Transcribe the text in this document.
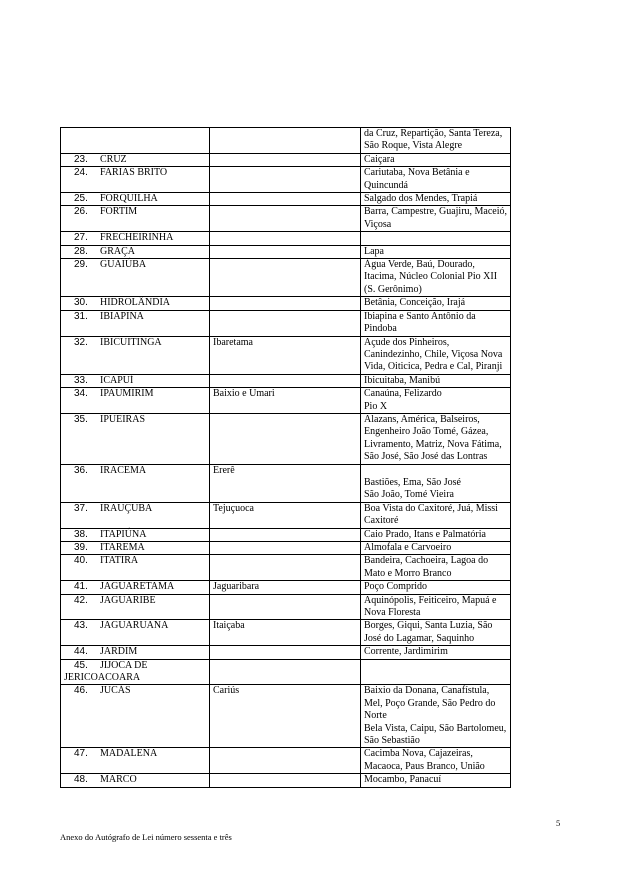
		da Cruz, Repartição, Santa Tereza, São Roque, Vista Alegre

23. CRUZ		Caiçara

24. FARIAS BRITO		Cariutaba, Nova Betânia e Quincundá

25. FORQUILHA		Salgado dos Mendes, Trapiá

26. FORTIM		Barra, Campestre, Guajiru, Maceió, Viçosa

27. FRECHEIRINHA		

28. GRAÇA		Lapa

29. GUAIÚBA		Água Verde, Baú, Dourado, Itacima, Núcleo Colonial Pio XII (S. Gerônimo)

30. HIDROLÂNDIA		Betânia, Conceição, Irajá

31. IBIAPINA		Ibiapina e Santo Antônio da Pindoba

32. IBICUITINGA	Ibaretama	Açude dos Pinheiros, Canindezinho, Chile, Viçosa Nova Vida, Oiticica, Pedra e Cal, Piranji

33. ICAPUÍ		Ibicuitaba, Manibú

34. IPAUMIRIM	Baixio e Umari	Canaúna, Felizardo
Pio X

35. IPUEIRAS		Alazans, América, Balseiros, Engenheiro João Tomé, Gázea, Livramento, Matriz, Nova Fátima, São José, São José das Lontras

36. IRACEMA	Ererê	Bastiões, Ema, São José
São João, Tomé Vieira

37. IRAUÇUBA	Tejuçuoca	Boa Vista do Caxitoré, Juá, Missi
Caxitoré

38. ITAPIÚNA		Caio Prado, Itans e Palmatória

39. ITAREMA		Almofala e Carvoeiro

40. ITATIRA		Bandeira, Cachoeira, Lagoa do Mato e Morro Branco

41. JAGUARETAMA	Jaguaribara	Poço Comprido

42. JAGUARIBE		Aquinópolis, Feiticeiro, Mapuá e Nova Floresta

43. JAGUARUANA	Itaiçaba	Borges, Giqui, Santa Luzia, São José do Lagamar, Saquinho

44. JARDIM		Corrente, Jardimirim

45. JIJOCA DE JERICOACOARA		

46. JUCÁS	Cariús	Baixio da Donana, Canafístula, Mel, Poço Grande, São Pedro do Norte
Bela Vista, Caipu, São Bartolomeu, São Sebastião

47. MADALENA		Cacimba Nova, Cajazeiras, Macaoca, Paus Branco, União

48. MARCO		Mocambo, Panacuí
5
Anexo do Autógrafo de Lei número sessenta e três
